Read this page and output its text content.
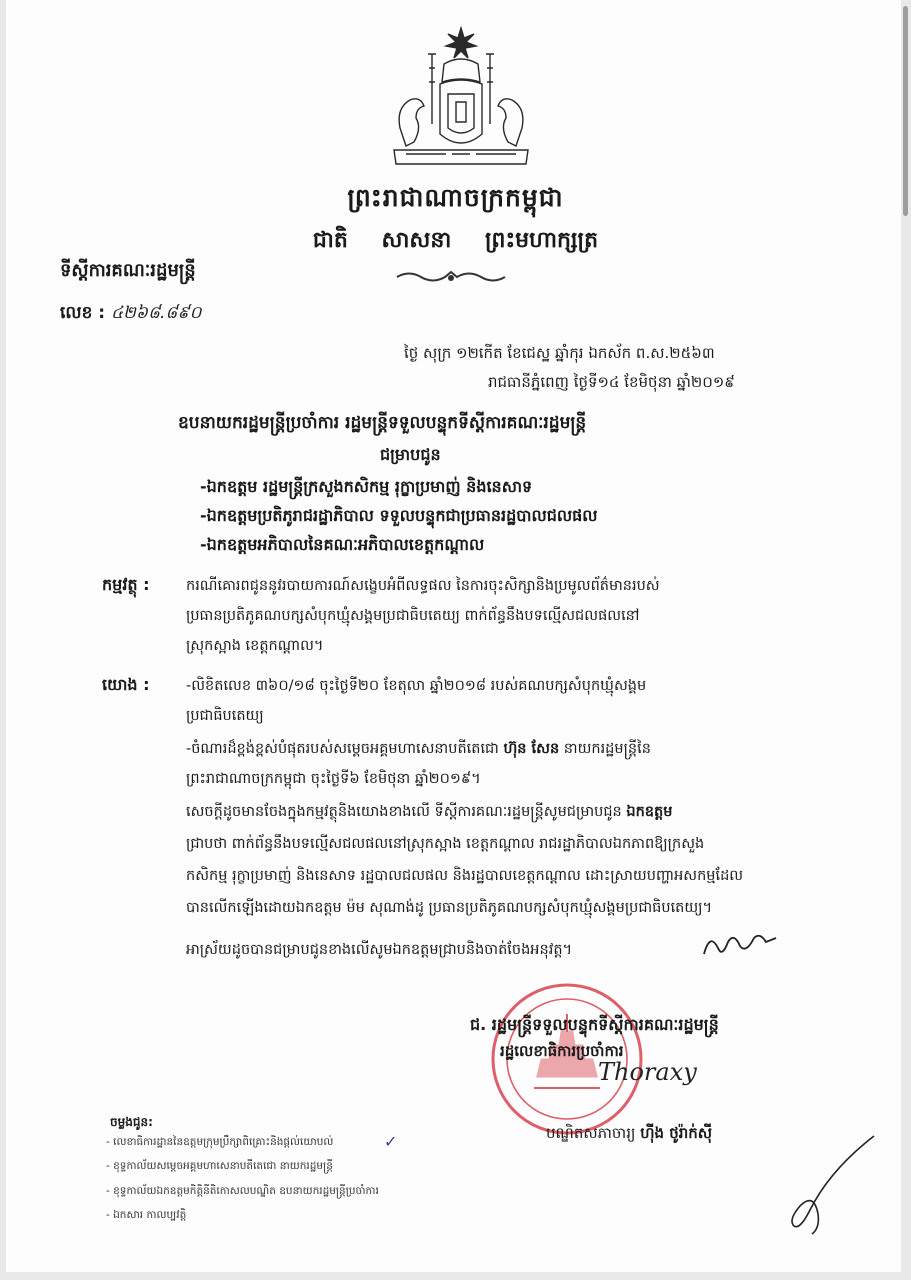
ព្រះរាជាណាចក្រកម្ពុជា
ជាតិ សាសនា ព្រះមហាក្សត្រ
ទីស្ដីការគណៈរដ្ឋមន្ត្រី
លេខ : ៤២៦៨.៨៩០
ថ្ងៃ សុក្រ ១២កើត ខែជេស្ឋ ឆ្នាំកុរ ឯកស័ក ព.ស.២៥៦៣
រាជធានីភ្នំពេញ ថ្ងៃទី១៤ ខែមិថុនា ឆ្នាំ២០១៩
ឧបនាយករដ្ឋមន្ត្រីប្រចាំការ រដ្ឋមន្ត្រីទទួលបន្ទុកទីស្ដីការគណៈរដ្ឋមន្ត្រី
ជម្រាបជូន
-ឯកឧត្តម រដ្ឋមន្ត្រីក្រសួងកសិកម្ម រុក្ខាប្រមាញ់ និងនេសាទ
-ឯកឧត្តមប្រតិភូរាជរដ្ឋាភិបាល ទទួលបន្ទុកជាប្រធានរដ្ឋបាលជលផល
-ឯកឧត្តមអភិបាលនៃគណៈអភិបាលខេត្តកណ្ដាល
កម្មវត្ថុ :	ករណីគោរពជូននូវរបាយការណ៍សង្ខេបអំពីលទ្ធផល នៃការចុះសិក្សានិងប្រមូលព័ត៌មានរបស់
ប្រធានប្រតិភូគណបក្សសំបុកឃ្មុំសង្គមប្រជាធិបតេយ្យ ពាក់ព័ន្ធនឹងបទល្មើសជលផលនៅ
ស្រុកស្អាង ខេត្តកណ្ដាល។
យោង :	-លិខិតលេខ ៣៦០/១៨ ចុះថ្ងៃទី២០ ខែតុលា ឆ្នាំ២០១៨ របស់គណបក្សសំបុកឃ្មុំសង្គម
ប្រជាធិបតេយ្យ
-ចំណារដ៏ខ្ពង់ខ្ពស់បំផុតរបស់សម្ដេចអគ្គមហាសេនាបតីតេជោ ហ៊ុន សែន នាយករដ្ឋមន្ត្រីនៃ
ព្រះរាជាណាចក្រកម្ពុជា ចុះថ្ងៃទី៦ ខែមិថុនា ឆ្នាំ២០១៩។
សេចក្ដីដូចមានចែងក្នុងកម្មវត្ថុនិងយោងខាងលើ ទីស្ដីការគណៈរដ្ឋមន្ត្រីសូមជម្រាបជូន ឯកឧត្តម
ជ្រាបថា ពាក់ព័ន្ធនឹងបទល្មើសជលផលនៅស្រុកស្អាង ខេត្តកណ្ដាល រាជរដ្ឋាភិបាលឯកភាពឱ្យក្រសួង
កសិកម្ម រុក្ខាប្រមាញ់ និងនេសាទ រដ្ឋបាលជលផល និងរដ្ឋបាលខេត្តកណ្ដាល ដោះស្រាយបញ្ហាអសកម្មដែល
បានលើកឡើងដោយឯកឧត្តម ម៉ម សុណាង់ដូ ប្រធានប្រតិភូគណបក្សសំបុកឃ្មុំសង្គមប្រជាធិបតេយ្យ។
អាស្រ័យដូចបានជម្រាបជូនខាងលើសូមឯកឧត្តមជ្រាបនិងចាត់ចែងអនុវត្ត។
ជ. រដ្ឋមន្ត្រីទទួលបន្ទុកទីស្ដីការគណៈរដ្ឋមន្ត្រី
រដ្ឋលេខាធិការប្រចាំការ
Thoraxy
បណ្ឌិតសភាចារ្យ ហ៊ីង ថូរ៉ាក់ស៊ី
ចម្លងជូន:
- លេខាធិការដ្ឋាននៃឧត្តមក្រុមប្រឹក្សាពិគ្រោះនិងផ្ដល់យោបល់
- ខុទ្ទកាល័យសម្ដេចអគ្គមហាសេនាបតីតេជោ នាយករដ្ឋមន្ត្រី
- ខុទ្ទកាល័យឯកឧត្តមកិត្តិនីតិកោសលបណ្ឌិត ឧបនាយករដ្ឋមន្ត្រីប្រចាំការ
- ឯកសារ កាលប្បវត្តិ
✓
